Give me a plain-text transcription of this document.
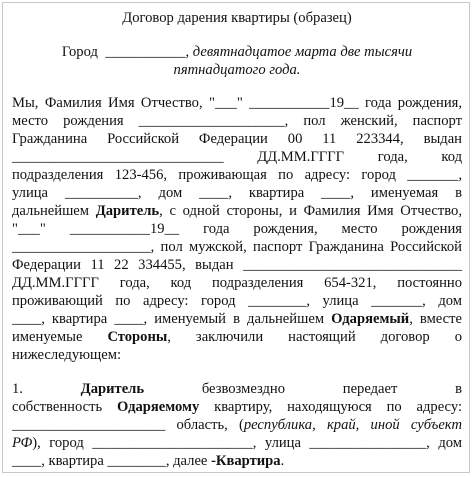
Договор дарения квартиры (образец)
Город ___________, девятнадцатое марта две тысячи
пятнадцатого года.
Мы, Фамилия Имя Отчество, "___" ___________19__ года рождения,
место рождения ____________________, пол женский, паспорт
Гражданина Российской Федерации 00 11 223344, выдан
_____________________________ ДД.ММ.ГГГГ года, код
подразделения 123-456, проживающая по адресу: город _______,
улица __________, дом ____, квартира ____, именуемая в
дальнейшем Даритель, с одной стороны, и Фамилия Имя Отчество,
"___" ___________19__ года рождения, место рождения
___________________, пол мужской, паспорт Гражданина Российской
Федерации 11 22 334455, выдан ______________________________
ДД.ММ.ГГГГ года, код подразделения 654-321, постоянно
проживающий по адресу: город ________, улица _______, дом
____, квартира ____, именуемый в дальнейшем Одаряемый, вместе
именуемые Стороны, заключили настоящий договор о
нижеследующем:
1. Даритель безвозмездно передает в
собственность Одаряемому квартиру, находящуюся по адресу:
_____________________ область, (республика, край, иной субъект
РФ), город ______________________, улица ________________, дом
____, квартира ________, далее -Квартира.
